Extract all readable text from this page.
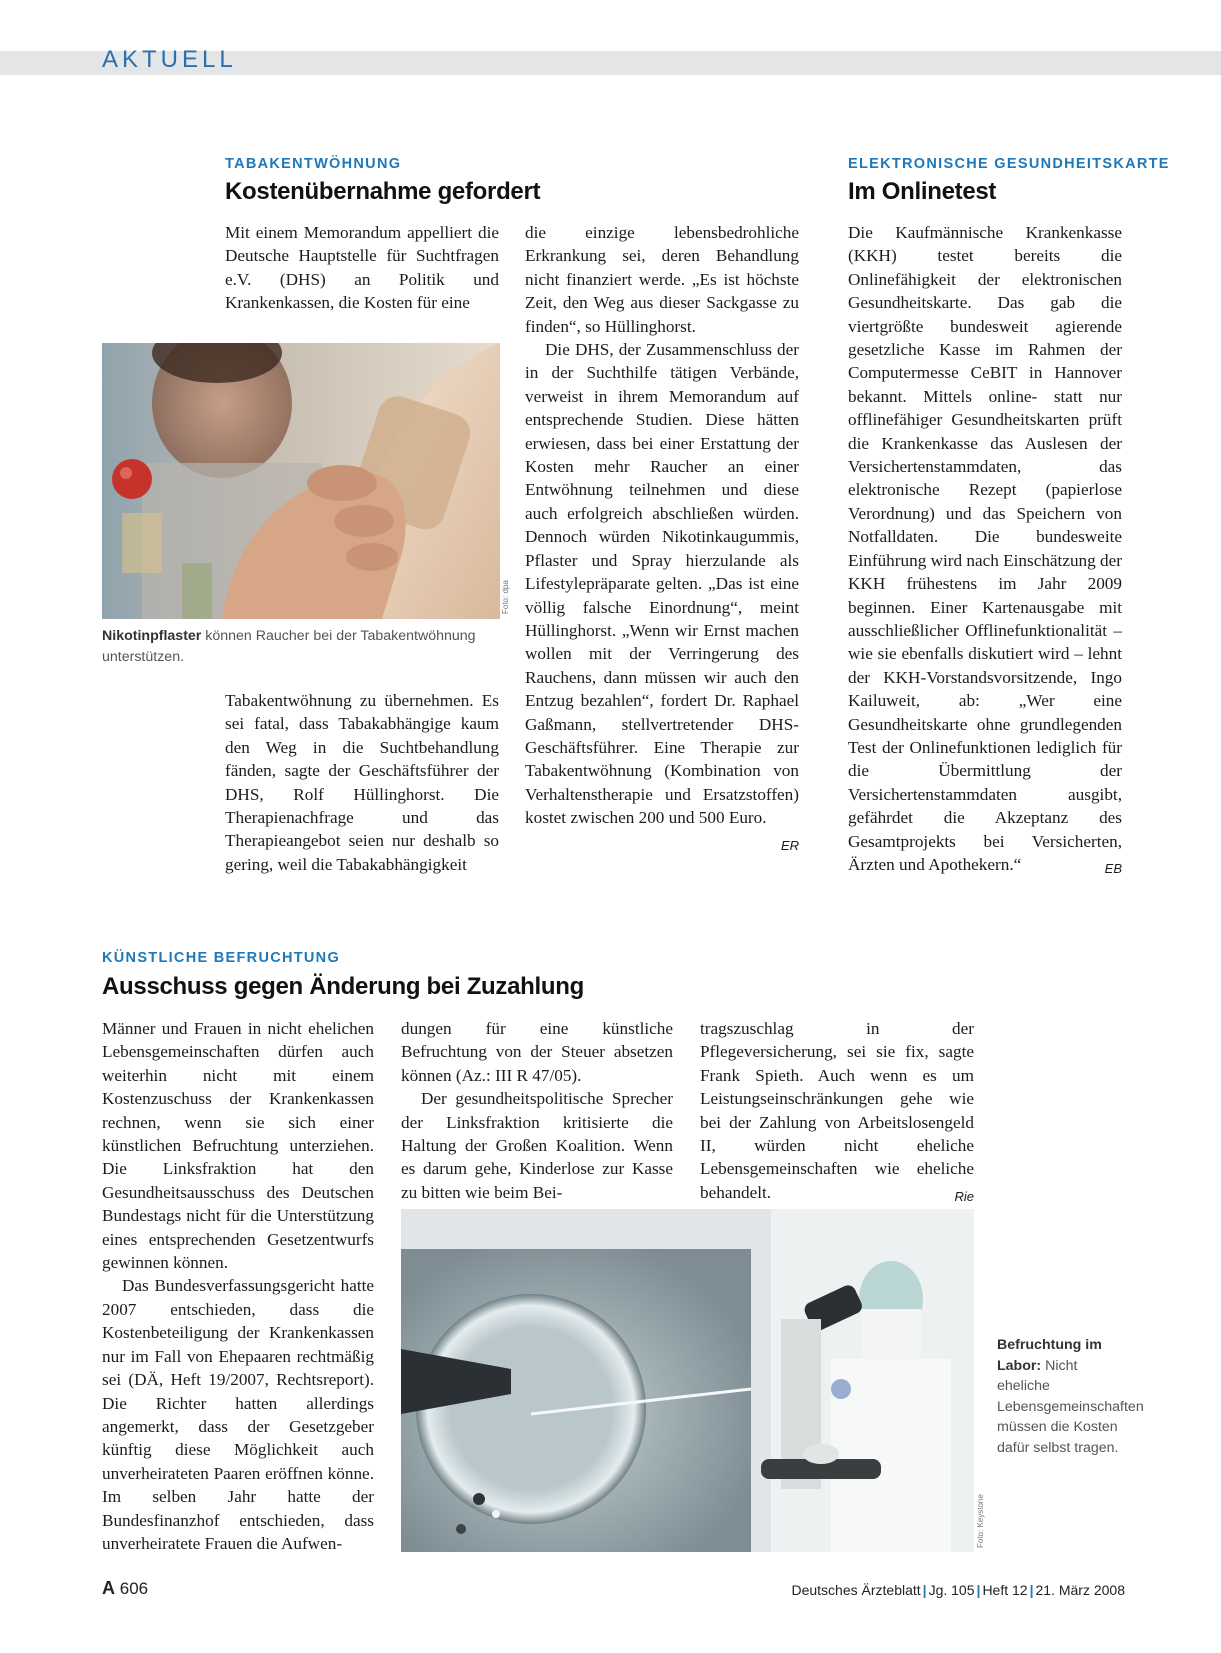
AKTUELL
TABAKENTWÖHNUNG
Kostenübernahme gefordert

Mit einem Memorandum appelliert die Deutsche Hauptstelle für Suchtfragen e.V. (DHS) an Politik und Krankenkassen, die Kosten für eine

Foto: dpa
Nikotinpflaster können Raucher bei der Tabakentwöhnung unterstützen.

Tabakentwöhnung zu übernehmen. Es sei fatal, dass Tabakabhängige kaum den Weg in die Suchtbehandlung fänden, sagte der Geschäftsführer der DHS, Rolf Hüllinghorst. Die Therapienachfrage und das Therapieangebot seien nur deshalb so gering, weil die Tabakabhängigkeit

die einzige lebensbedrohliche Erkrankung sei, deren Behandlung nicht finanziert werde. „Es ist höchste Zeit, den Weg aus dieser Sackgasse zu finden“, so Hüllinghorst.

Die DHS, der Zusammenschluss der in der Suchthilfe tätigen Verbände, verweist in ihrem Memorandum auf entsprechende Studien. Diese hätten erwiesen, dass bei einer Erstattung der Kosten mehr Raucher an einer Entwöhnung teilnehmen und diese auch erfolgreich abschließen würden. Dennoch würden Nikotinkaugummis, Pflaster und Spray hierzulande als Lifestylepräparate gelten. „Das ist eine völlig falsche Einordnung“, meint Hüllinghorst. „Wenn wir Ernst machen wollen mit der Verringerung des Rauchens, dann müssen wir auch den Entzug bezahlen“, fordert Dr. Raphael Gaßmann, stellvertretender DHS-Geschäftsführer. Eine Therapie zur Tabakentwöhnung (Kombination von Verhaltenstherapie und Ersatzstoffen) kostet zwischen 200 und 500 Euro.
ER

ELEKTRONISCHE GESUNDHEITSKARTE
Im Onlinetest

Die Kaufmännische Krankenkasse (KKH) testet bereits die Onlinefähigkeit der elektronischen Gesundheitskarte. Das gab die viertgrößte bundesweit agierende gesetzliche Kasse im Rahmen der Computermesse CeBIT in Hannover bekannt. Mittels online- statt nur offlinefähiger Gesundheitskarten prüft die Krankenkasse das Auslesen der Versichertenstammdaten, das elektronische Rezept (papierlose Verordnung) und das Speichern von Notfalldaten. Die bundesweite Einführung wird nach Einschätzung der KKH frühestens im Jahr 2009 beginnen. Einer Kartenausgabe mit ausschließlicher Offlinefunktionalität – wie sie ebenfalls diskutiert wird – lehnt der KKH-Vorstandsvorsitzende, Ingo Kailuweit, ab: „Wer eine Gesundheitskarte ohne grundlegenden Test der Onlinefunktionen lediglich für die Übermittlung der Versichertenstammdaten ausgibt, gefährdet die Akzeptanz des Gesamtprojekts bei Versicherten, Ärzten und Apothekern.“	EB

KÜNSTLICHE BEFRUCHTUNG
Ausschuss gegen Änderung bei Zuzahlung

Männer und Frauen in nicht ehelichen Lebensgemeinschaften dürfen auch weiterhin nicht mit einem Kostenzuschuss der Krankenkassen rechnen, wenn sie sich einer künstlichen Befruchtung unterziehen. Die Linksfraktion hat den Gesundheitsausschuss des Deutschen Bundestags nicht für die Unterstützung eines entsprechenden Gesetzentwurfs gewinnen können.

Das Bundesverfassungsgericht hatte 2007 entschieden, dass die Kostenbeteiligung der Krankenkassen nur im Fall von Ehepaaren rechtmäßig sei (DÄ, Heft 19/2007, Rechtsreport). Die Richter hatten allerdings angemerkt, dass der Gesetzgeber künftig diese Möglichkeit auch unverheirateten Paaren eröffnen könne. Im selben Jahr hatte der Bundesfinanzhof entschieden, dass unverheiratete Frauen die Aufwen-

dungen für eine künstliche Befruchtung von der Steuer absetzen können (Az.: III R 47/05).

Der gesundheitspolitische Sprecher der Linksfraktion kritisierte die Haltung der Großen Koalition. Wenn es darum gehe, Kinderlose zur Kasse zu bitten wie beim Bei-

tragszuschlag in der Pflegeversicherung, sei sie fix, sagte Frank Spieth. Auch wenn es um Leistungseinschränkungen gehe wie bei der Zahlung von Arbeitslosengeld II, würden nicht eheliche Lebensgemeinschaften wie eheliche behandelt.	Rie

Foto: Keystone
Befruchtung im Labor: Nicht eheliche Lebensgemeinschaften müssen die Kosten dafür selbst tragen.
A 606	Deutsches Ärzteblatt | Jg. 105 | Heft 12 | 21. März 2008
